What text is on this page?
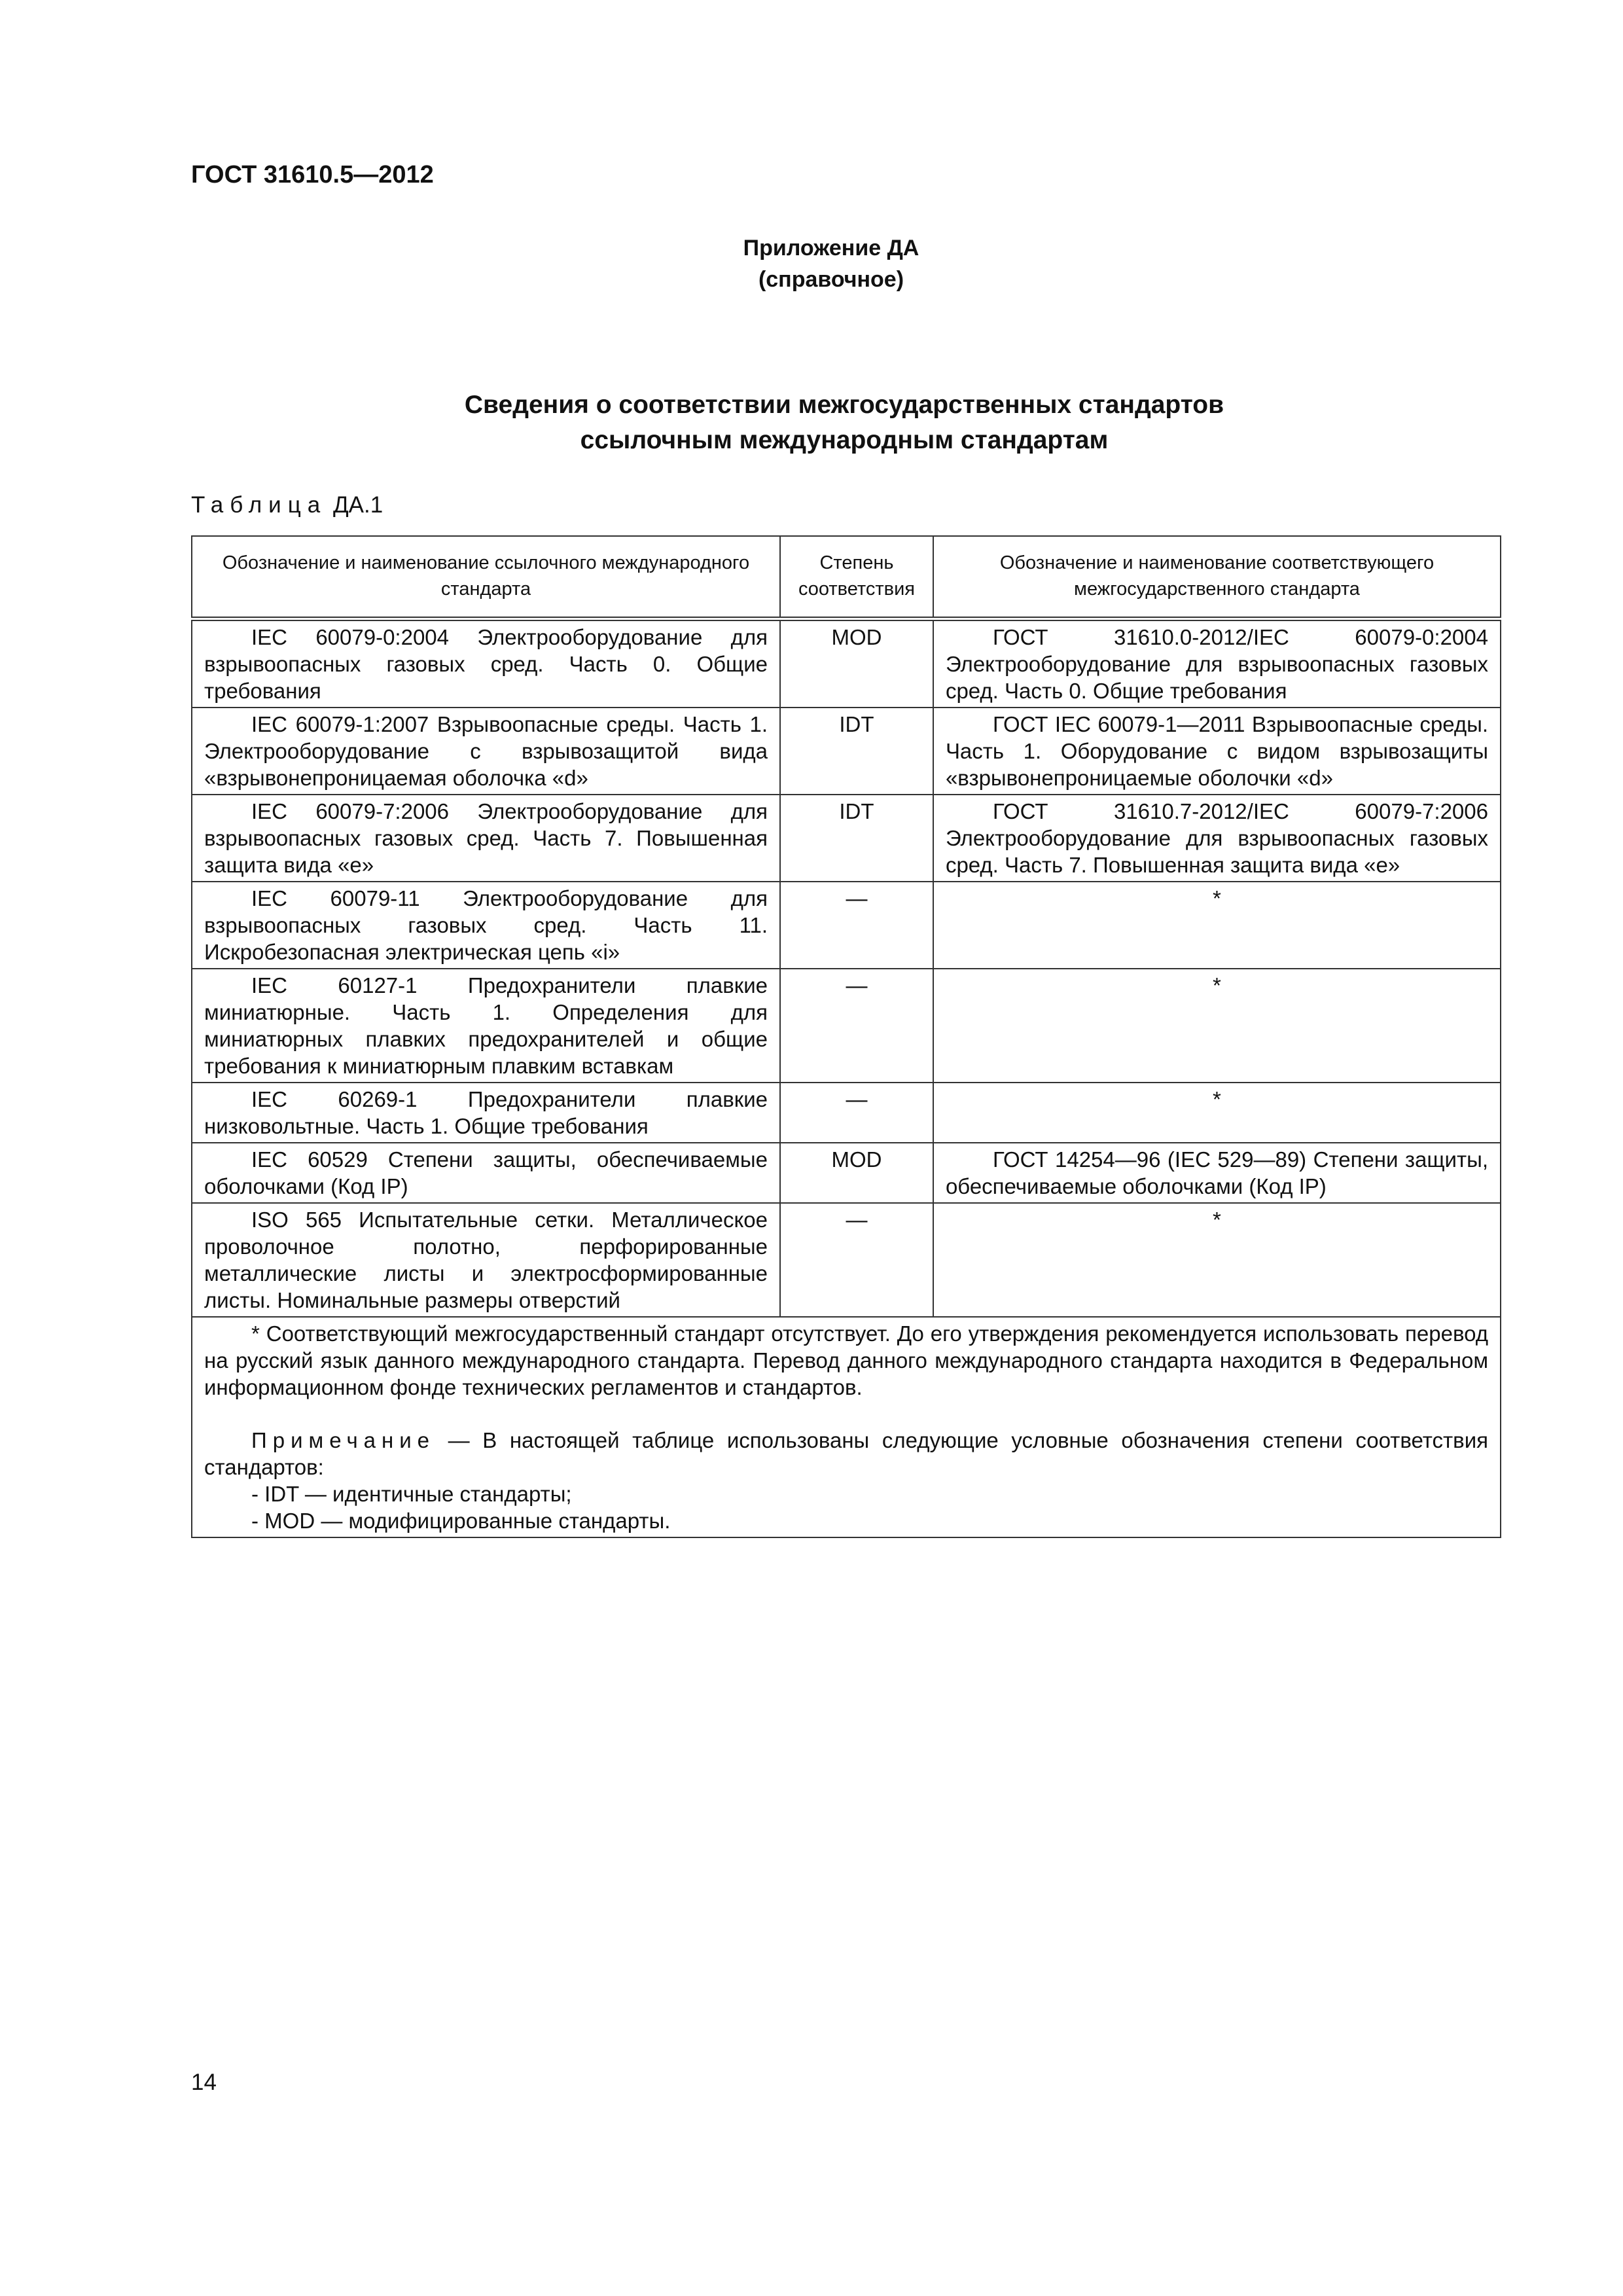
ГОСТ 31610.5—2012
Приложение ДА
(справочное)
Сведения о соответствии межгосударственных стандартов
ссылочным международным стандартам
Таблица ДА.1
Обозначение и наименование ссылочного международного стандарта	Степень соответствия	Обозначение и наименование соответствующего межгосударственного стандарта
IEC 60079-0:2004 Электрооборудование для взрывоопасных газовых сред. Часть 0. Общие требования	MOD	ГОСТ 31610.0-2012/IEC 60079-0:2004 Электрооборудование для взрывоопасных газовых сред. Часть 0. Общие требования
IEC 60079-1:2007 Взрывоопасные среды. Часть 1. Электрооборудование с взрывозащитой вида «взрывонепроницаемая оболочка «d»	IDT	ГОСТ IEC 60079-1—2011 Взрывоопасные среды. Часть 1. Оборудование с видом взрывозащиты «взрывонепроницаемые оболочки «d»
IEC 60079-7:2006 Электрооборудование для взрывоопасных газовых сред. Часть 7. Повышенная защита вида «е»	IDT	ГОСТ 31610.7-2012/IEC 60079-7:2006 Электрооборудование для взрывоопасных газовых сред. Часть 7. Повышенная защита вида «е»
IEC 60079-11 Электрооборудование для взрывоопасных газовых сред. Часть 11. Искробезопасная электрическая цепь «i»	—	*
IEC 60127-1 Предохранители плавкие миниатюрные. Часть 1. Определения для миниатюрных плавких предохранителей и общие требования к миниатюрным плавким вставкам	—	*
IEC 60269-1 Предохранители плавкие низковольтные. Часть 1. Общие требования	—	*
IEC 60529 Степени защиты, обеспечиваемые оболочками (Код IP)	MOD	ГОСТ 14254—96 (IEC 529—89) Степени защиты, обеспечиваемые оболочками (Код IP)
ISO 565 Испытательные сетки. Металлическое проволочное полотно, перфорированные металлические листы и электросформированные листы. Номинальные размеры отверстий	—	*

* Соответствующий межгосударственный стандарт отсутствует. До его утверждения рекомендуется использовать перевод на русский язык данного международного стандарта. Перевод данного международного стандарта находится в Федеральном информационном фонде технических регламентов и стандартов.

Примечание — В настоящей таблице использованы следующие условные обозначения степени соответствия стандартов:

- IDT — идентичные стандарты;

- MOD — модифицированные стандарты.		

14
